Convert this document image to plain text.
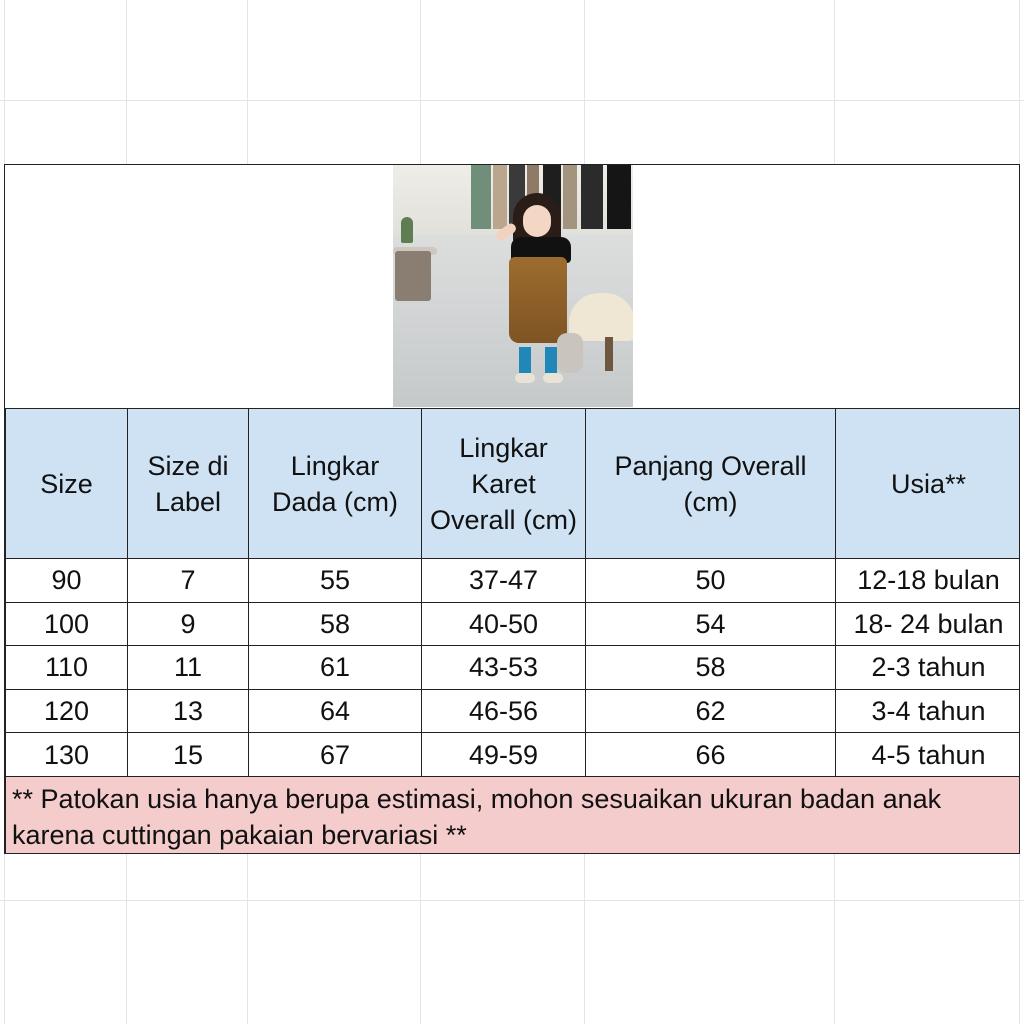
Size	Size di Label	Lingkar Dada (cm)	Lingkar Karet Overall (cm)	Panjang Overall (cm)	Usia**
90	7	55	37-47	50	12-18 bulan
100	9	58	40-50	54	18- 24 bulan
110	11	61	43-53	58	2-3 tahun
120	13	64	46-56	62	3-4 tahun
130	15	67	49-59	66	4-5 tahun
** Patokan usia hanya berupa estimasi, mohon sesuaikan ukuran badan anak karena cuttingan pakaian bervariasi **					
